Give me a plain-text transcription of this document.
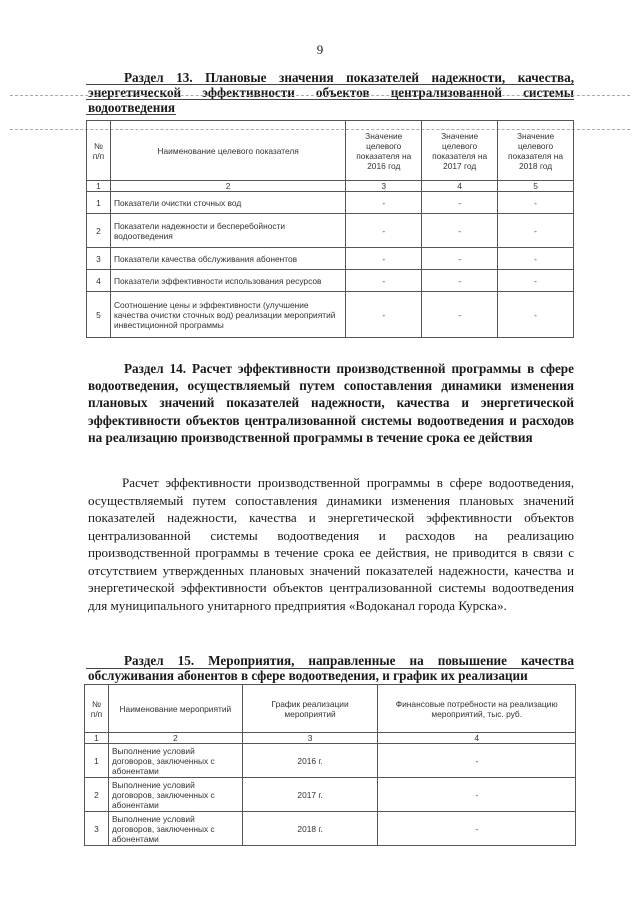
9
Раздел 13. Плановые значения показателей надежности, качества, энергетической эффективности объектов централизованной системы водоотведения
№ п/п	Наименование целевого показателя	Значение целевого показателя на 2016 год	Значение целевого показателя на 2017 год	Значение целевого показателя на 2018 год
1	2	3	4	5
1	Показатели очистки сточных вод	-	-	-
2	Показатели надежности и бесперебойности водоотведения	-	-	-
3	Показатели качества обслуживания абонентов	-	-	-
4	Показатели эффективности использования ресурсов	-	-	-
5	Соотношение цены и эффективности (улучшение качества очистки сточных вод) реализации мероприятий инвестиционной программы	-	-	-
Раздел 14. Расчет эффективности производственной программы в сфере водоотведения, осуществляемый путем сопоставления динамики изменения плановых значений показателей надежности, качества и энергетической эффективности объектов централизованной системы водоотведения и расходов на реализацию производственной программы в течение срока ее действия
Расчет эффективности производственной программы в сфере водоотведения, осуществляемый путем сопоставления динамики изменения плановых значений показателей надежности, качества и энергетической эффективности объектов централизованной системы водоотведения и расходов на реализацию производственной программы в течение срока ее действия, не приводится в связи с отсутствием утвержденных плановых значений показателей надежности, качества и энергетической эффективности объектов централизованной системы водоотведения для муниципального унитарного предприятия «Водоканал города Курска».
Раздел 15. Мероприятия, направленные на повышение качества обслуживания абонентов в сфере водоотведения, и график их реализации
№ п/п	Наименование мероприятий	График реализации мероприятий	Финансовые потребности на реализацию мероприятий, тыс. руб.
1	2	3	4
1	Выполнение условий договоров, заключенных с абонентами	2016 г.	-
2	Выполнение условий договоров, заключенных с абонентами	2017 г.	-
3	Выполнение условий договоров, заключенных с абонентами	2018 г.	-
